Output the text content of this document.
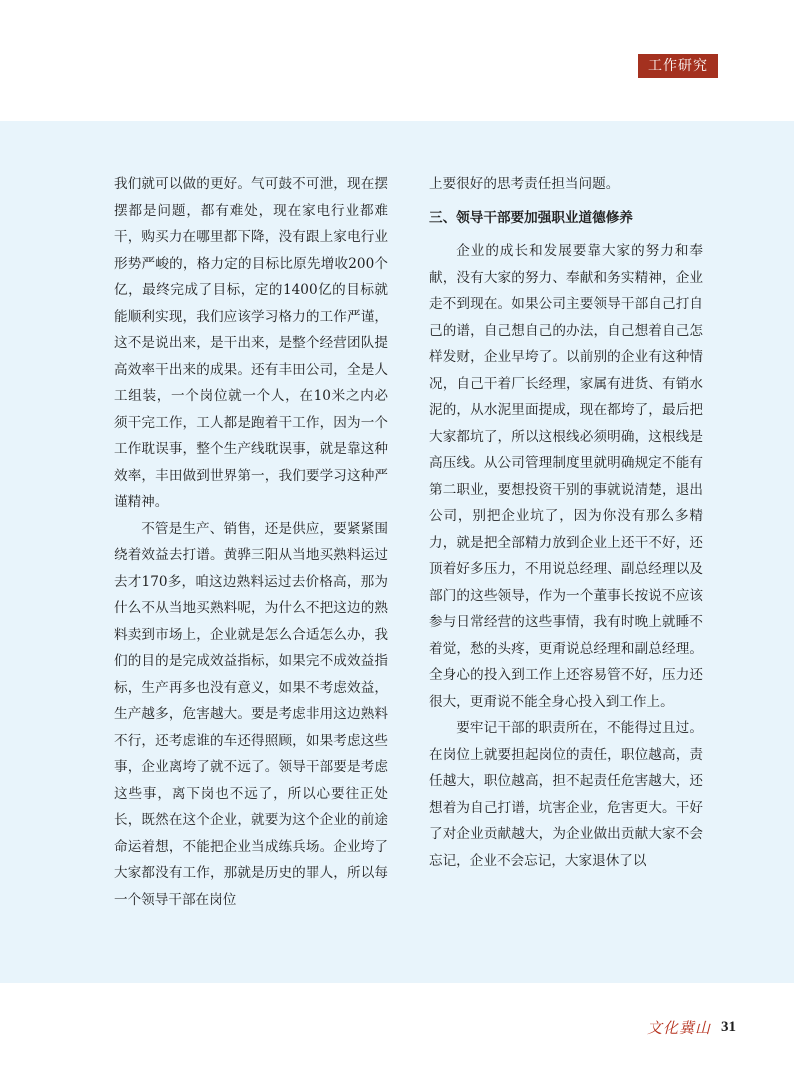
工作研究

我们就可以做的更好。气可鼓不可泄，现在摆摆都是问题，都有难处，现在家电行业都难干，购买力在哪里都下降，没有跟上家电行业形势严峻的，格力定的目标比原先增收200个亿，最终完成了目标，定的1400亿的目标就能顺利实现，我们应该学习格力的工作严谨，这不是说出来，是干出来，是整个经营团队提高效率干出来的成果。还有丰田公司，全是人工组装，一个岗位就一个人，在10米之内必须干完工作，工人都是跑着干工作，因为一个工作耽误事，整个生产线耽误事，就是靠这种效率，丰田做到世界第一，我们要学习这种严谨精神。

不管是生产、销售，还是供应，要紧紧围绕着效益去打谱。黄骅三阳从当地买熟料运过去才170多，咱这边熟料运过去价格高，那为什么不从当地买熟料呢，为什么不把这边的熟料卖到市场上，企业就是怎么合适怎么办，我们的目的是完成效益指标，如果完不成效益指标，生产再多也没有意义，如果不考虑效益，生产越多，危害越大。要是考虑非用这边熟料不行，还考虑谁的车还得照顾，如果考虑这些事，企业离垮了就不远了。领导干部要是考虑这些事，离下岗也不远了，所以心要往正处长，既然在这个企业，就要为这个企业的前途命运着想，不能把企业当成练兵场。企业垮了大家都没有工作，那就是历史的罪人，所以每一个领导干部在岗位

上要很好的思考责任担当问题。

三、领导干部要加强职业道德修养

企业的成长和发展要靠大家的努力和奉献，没有大家的努力、奉献和务实精神，企业走不到现在。如果公司主要领导干部自己打自己的谱，自己想自己的办法，自己想着自己怎样发财，企业早垮了。以前别的企业有这种情况，自己干着厂长经理，家属有进货、有销水泥的，从水泥里面提成，现在都垮了，最后把大家都坑了，所以这根线必须明确，这根线是高压线。从公司管理制度里就明确规定不能有第二职业，要想投资干别的事就说清楚，退出公司，别把企业坑了，因为你没有那么多精力，就是把全部精力放到企业上还干不好，还顶着好多压力，不用说总经理、副总经理以及部门的这些领导，作为一个董事长按说不应该参与日常经营的这些事情，我有时晚上就睡不着觉，愁的头疼，更甭说总经理和副总经理。全身心的投入到工作上还容易管不好，压力还很大，更甭说不能全身心投入到工作上。

要牢记干部的职责所在，不能得过且过。在岗位上就要担起岗位的责任，职位越高，责任越大，职位越高，担不起责任危害越大，还想着为自己打谱，坑害企业，危害更大。干好了对企业贡献越大，为企业做出贡献大家不会忘记，企业不会忘记，大家退休了以

文化冀山 31
